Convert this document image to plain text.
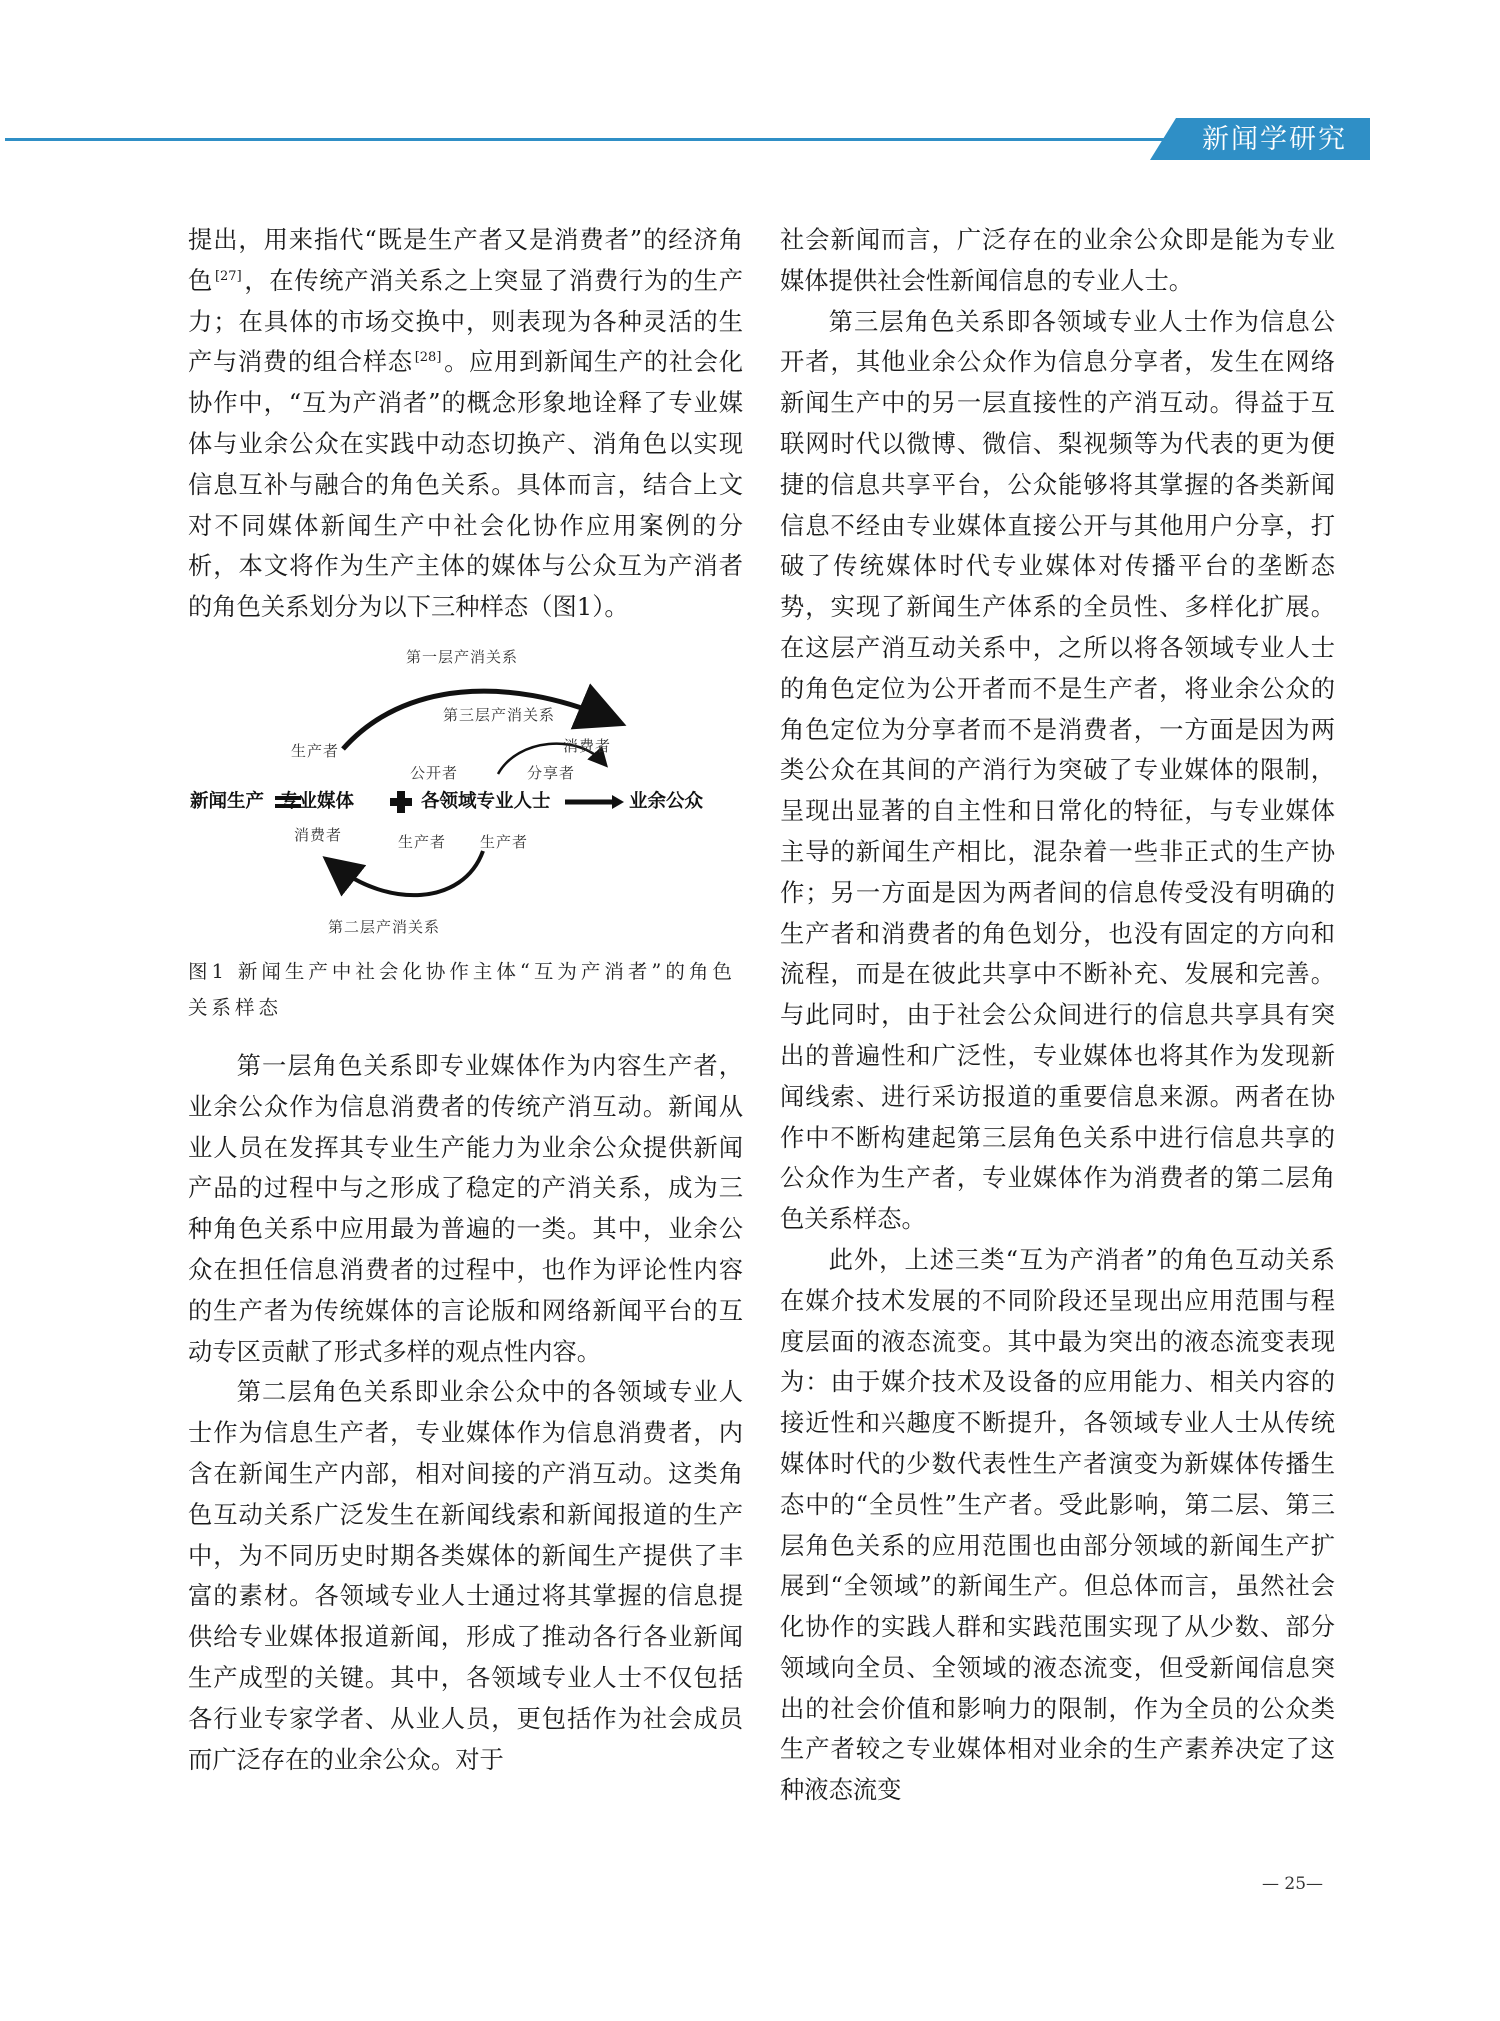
新闻学研究

提出，用来指代“既是生产者又是消费者”的经济角色 [27]，在传统产消关系之上突显了消费行为的生产力；在具体的市场交换中，则表现为各种灵活的生产与消费的组合样态 [28]。应用到新闻生产的社会化协作中，“互为产消者”的概念形象地诠释了专业媒体与业余公众在实践中动态切换产、消角色以实现信息互补与融合的角色关系。具体而言，结合上文对不同媒体新闻生产中社会化协作应用案例的分析，本文将作为生产主体的媒体与公众互为产消者的角色关系划分为以下三种样态（图1）。

第一层产消关系
第三层产消关系
生产者	消费者
公开者	分享者
新闻生产 专业媒体	各领域专业人士	业余公众
消费者	生产者 生产者
第二层产消关系
图1 新闻生产中社会化协作主体“互为产消者”的角色关系样态

第一层角色关系即专业媒体作为内容生产者，业余公众作为信息消费者的传统产消互动。新闻从业人员在发挥其专业生产能力为业余公众提供新闻产品的过程中与之形成了稳定的产消关系，成为三种角色关系中应用最为普遍的一类。其中，业余公众在担任信息消费者的过程中，也作为评论性内容的生产者为传统媒体的言论版和网络新闻平台的互动专区贡献了形式多样的观点性内容。

第二层角色关系即业余公众中的各领域专业人士作为信息生产者，专业媒体作为信息消费者，内含在新闻生产内部，相对间接的产消互动。这类角色互动关系广泛发生在新闻线索和新闻报道的生产中，为不同历史时期各类媒体的新闻生产提供了丰富的素材。各领域专业人士通过将其掌握的信息提供给专业媒体报道新闻，形成了推动各行各业新闻生产成型的关键。其中，各领域专业人士不仅包括各行业专家学者、从业人员，更包括作为社会成员而广泛存在的业余公众。对于

社会新闻而言，广泛存在的业余公众即是能为专业媒体提供社会性新闻信息的专业人士。

第三层角色关系即各领域专业人士作为信息公开者，其他业余公众作为信息分享者，发生在网络新闻生产中的另一层直接性的产消互动。得益于互联网时代以微博、微信、梨视频等为代表的更为便捷的信息共享平台，公众能够将其掌握的各类新闻信息不经由专业媒体直接公开与其他用户分享，打破了传统媒体时代专业媒体对传播平台的垄断态势，实现了新闻生产体系的全员性、多样化扩展。在这层产消互动关系中，之所以将各领域专业人士的角色定位为公开者而不是生产者，将业余公众的角色定位为分享者而不是消费者，一方面是因为两类公众在其间的产消行为突破了专业媒体的限制，呈现出显著的自主性和日常化的特征，与专业媒体主导的新闻生产相比，混杂着一些非正式的生产协作；另一方面是因为两者间的信息传受没有明确的生产者和消费者的角色划分，也没有固定的方向和流程，而是在彼此共享中不断补充、发展和完善。与此同时，由于社会公众间进行的信息共享具有突出的普遍性和广泛性，专业媒体也将其作为发现新闻线索、进行采访报道的重要信息来源。两者在协作中不断构建起第三层角色关系中进行信息共享的公众作为生产者，专业媒体作为消费者的第二层角色关系样态。

此外，上述三类“互为产消者”的角色互动关系在媒介技术发展的不同阶段还呈现出应用范围与程度层面的液态流变。其中最为突出的液态流变表现为：由于媒介技术及设备的应用能力、相关内容的接近性和兴趣度不断提升，各领域专业人士从传统媒体时代的少数代表性生产者演变为新媒体传播生态中的“全员性”生产者。受此影响，第二层、第三层角色关系的应用范围也由部分领域的新闻生产扩展到“全领域”的新闻生产。但总体而言，虽然社会化协作的实践人群和实践范围实现了从少数、部分领域向全员、全领域的液态流变，但受新闻信息突出的社会价值和影响力的限制，作为全员的公众类生产者较之专业媒体相对业余的生产素养决定了这种液态流变

— 25—
